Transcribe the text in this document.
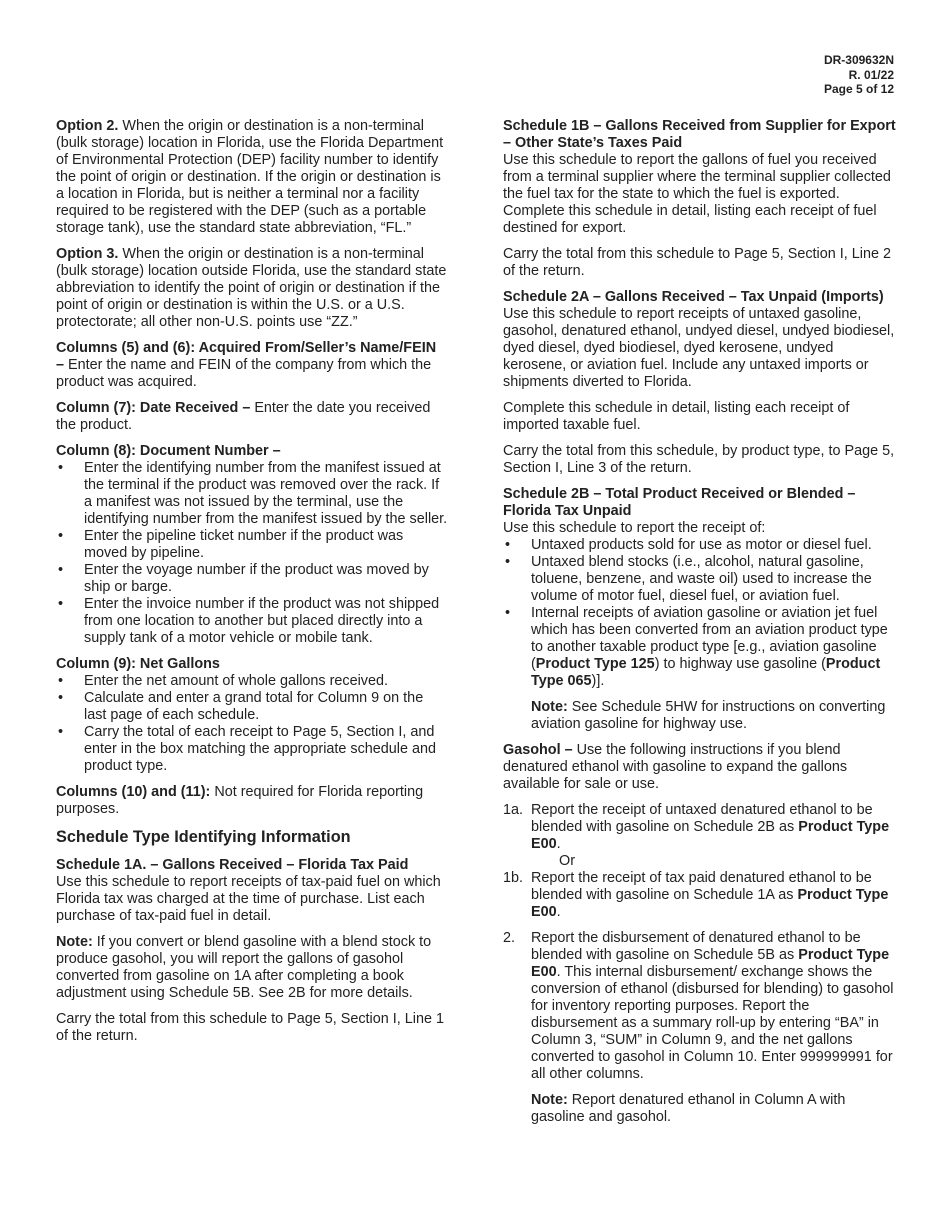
DR-309632N
R. 01/22
Page 5 of 12

Option 2. When the origin or destination is a non-terminal (bulk storage) location in Florida, use the Florida Department of Environmental Protection (DEP) facility number to identify the point of origin or destination. If the origin or destination is a location in Florida, but is neither a terminal nor a facility required to be registered with the DEP (such as a portable storage tank), use the standard state abbreviation, “FL.”

Option 3. When the origin or destination is a non-terminal (bulk storage) location outside Florida, use the standard state abbreviation to identify the point of origin or destination if the point of origin or destination is within the U.S. or a U.S. protectorate; all other non-U.S. points use “ZZ.”

Columns (5) and (6): Acquired From/Seller’s Name/FEIN – Enter the name and FEIN of the company from which the product was acquired.

Column (7): Date Received – Enter the date you received the product.

Column (8): Document Number –
• Enter the identifying number from the manifest issued at the terminal if the product was removed over the rack. If a manifest was not issued by the terminal, use the identifying number from the manifest issued by the seller.
• Enter the pipeline ticket number if the product was moved by pipeline.
• Enter the voyage number if the product was moved by ship or barge.
• Enter the invoice number if the product was not shipped from one location to another but placed directly into a supply tank of a motor vehicle or mobile tank.
Column (9): Net Gallons
• Enter the net amount of whole gallons received.
• Calculate and enter a grand total for Column 9 on the last page of each schedule.
• Carry the total of each receipt to Page 5, Section I, and enter in the box matching the appropriate schedule and product type.

Columns (10) and (11): Not required for Florida reporting purposes.

Schedule Type Identifying Information
Schedule 1A. – Gallons Received – Florida Tax Paid

Use this schedule to report receipts of tax-paid fuel on which Florida tax was charged at the time of purchase. List each purchase of tax-paid fuel in detail.

Note: If you convert or blend gasoline with a blend stock to produce gasohol, you will report the gallons of gasohol converted from gasoline on 1A after completing a book adjustment using Schedule 5B. See 2B for more details.

Carry the total from this schedule to Page 5, Section I, Line 1 of the return.

Schedule 1B – Gallons Received from Supplier for Export – Other State’s Taxes Paid

Use this schedule to report the gallons of fuel you received from a terminal supplier where the terminal supplier collected the fuel tax for the state to which the fuel is exported. Complete this schedule in detail, listing each receipt of fuel destined for export.

Carry the total from this schedule to Page 5, Section I, Line 2 of the return.

Schedule 2A – Gallons Received – Tax Unpaid (Imports)

Use this schedule to report receipts of untaxed gasoline, gasohol, denatured ethanol, undyed diesel, undyed biodiesel, dyed diesel, dyed biodiesel, dyed kerosene, undyed kerosene, or aviation fuel. Include any untaxed imports or shipments diverted to Florida.

Complete this schedule in detail, listing each receipt of imported taxable fuel.

Carry the total from this schedule, by product type, to Page 5, Section I, Line 3 of the return.

Schedule 2B – Total Product Received or Blended – Florida Tax Unpaid
Use this schedule to report the receipt of:
• Untaxed products sold for use as motor or diesel fuel.
• Untaxed blend stocks (i.e., alcohol, natural gasoline, toluene, benzene, and waste oil) used to increase the volume of motor fuel, diesel fuel, or aviation fuel.
• Internal receipts of aviation gasoline or aviation jet fuel which has been converted from an aviation product type to another taxable product type [e.g., aviation gasoline (Product Type 125) to highway use gasoline (Product Type 065)].

Note: See Schedule 5HW for instructions on converting aviation gasoline for highway use.

Gasohol – Use the following instructions if you blend denatured ethanol with gasoline to expand the gallons available for sale or use.

1a. Report the receipt of untaxed denatured ethanol to be blended with gasoline on Schedule 2B as Product Type E00.
Or

1b. Report the receipt of tax paid denatured ethanol to be blended with gasoline on Schedule 1A as Product Type E00.

2. Report the disbursement of denatured ethanol to be blended with gasoline on Schedule 5B as Product Type E00. This internal disbursement/ exchange shows the conversion of ethanol (disbursed for blending) to gasohol for inventory reporting purposes. Report the disbursement as a summary roll-up by entering “BA” in Column 3, “SUM” in Column 9, and the net gallons converted to gasohol in Column 10. Enter 999999991 for all other columns.

Note: Report denatured ethanol in Column A with gasoline and gasohol.
